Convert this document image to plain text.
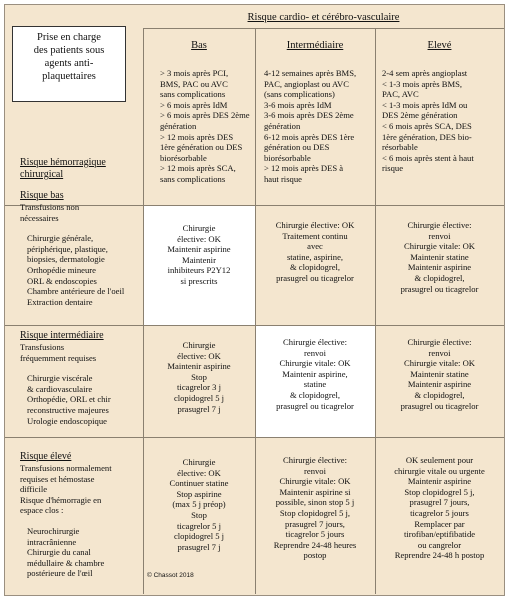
Prise en charge
des patients sous
agents anti-
plaquettaires
Risque cardio- et cérébro-vasculaire
Bas	Intermédiaire	Elevé
> 3 mois après PCI,
BMS, PAC ou AVC
sans complications
> 6 mois après IdM
> 6 mois après DES 2ème
génération
> 12 mois après DES
1ère génération ou DES
biorésorbable
> 12 mois après SCA,
sans complications
4-12 semaines après BMS,
PAC, angioplast ou AVC
(sans complications)
3-6 mois après IdM
3-6 mois après DES 2ème
génération
6-12 mois après DES 1ère
génération ou DES
biorésorbable
> 12 mois après DES à
haut risque
2-4 sem après angioplast
< 1-3 mois après BMS,
PAC, AVC
< 1-3 mois après IdM ou
DES 2ème génération
< 6 mois après SCA, DES
1ère génération, DES bio-
résorbable
< 6 mois après stent à haut
risque
Risque hémorragique
chirurgical
Risque bas
Transfusions non
nécessaires
Chirurgie générale,
périphérique, plastique,
biopsies, dermatologie
Orthopédie mineure
ORL & endoscopies
Chambre antérieure de l'oeil
Extraction dentaire
Risque intermédiaire
Transfusions
fréquemment requises
Chirurgie viscérale
& cardiovasculaire
Orthopédie, ORL et chir
reconstructive majeures
Urologie endoscopique
Risque élevé
Transfusions normalement
requises et hémostase
difficile
Risque d'hémorragie en
espace clos :
Neurochirurgie
intracrânienne
Chirurgie du canal
médullaire & chambre
postérieure de l'œil
Chirurgie
élective: OK
Maintenir aspirine
Maintenir
inhibiteurs P2Y12
si prescrits
Chirurgie élective: OK
Traitement continu
avec
statine, aspirine,
& clopidogrel,
prasugrel ou ticagrelor
Chirurgie élective:
renvoi
Chirurgie vitale: OK
Maintenir statine
Maintenir aspirine
& clopidogrel,
prasugrel ou ticagrelor
Chirurgie
élective: OK
Maintenir aspirine
Stop
ticagrelor 3 j
clopidogrel 5 j
prasugrel 7 j
Chirurgie élective:
renvoi
Chirurgie vitale: OK
Maintenir aspirine,
statine
& clopidogrel,
prasugrel ou ticagrelor
Chirurgie élective:
renvoi
Chirurgie vitale: OK
Maintenir statine
Maintenir aspirine
& clopidogrel,
prasugrel ou ticagrelor
Chirurgie
élective: OK
Continuer statine
Stop aspirine
(max 5 j préop)
Stop
ticagrelor 5 j
clopidogrel 5 j
prasugrel 7 j
Chirurgie élective:
renvoi
Chirurgie vitale: OK
Maintenir aspirine si
possible, sinon stop 5 j
Stop clopidogrel 5 j,
prasugrel 7 jours,
ticagrelor 5 jours
Reprendre 24-48 heures
postop
OK seulement pour
chirurgie vitale ou urgente
Maintenir aspirine
Stop clopidogrel 5 j,
prasugrel 7 jours,
ticagrelor 5 jours
Remplacer par
tirofiban/eptifibatide
ou cangrelor
Reprendre 24-48 h postop
© Chassot 2018
